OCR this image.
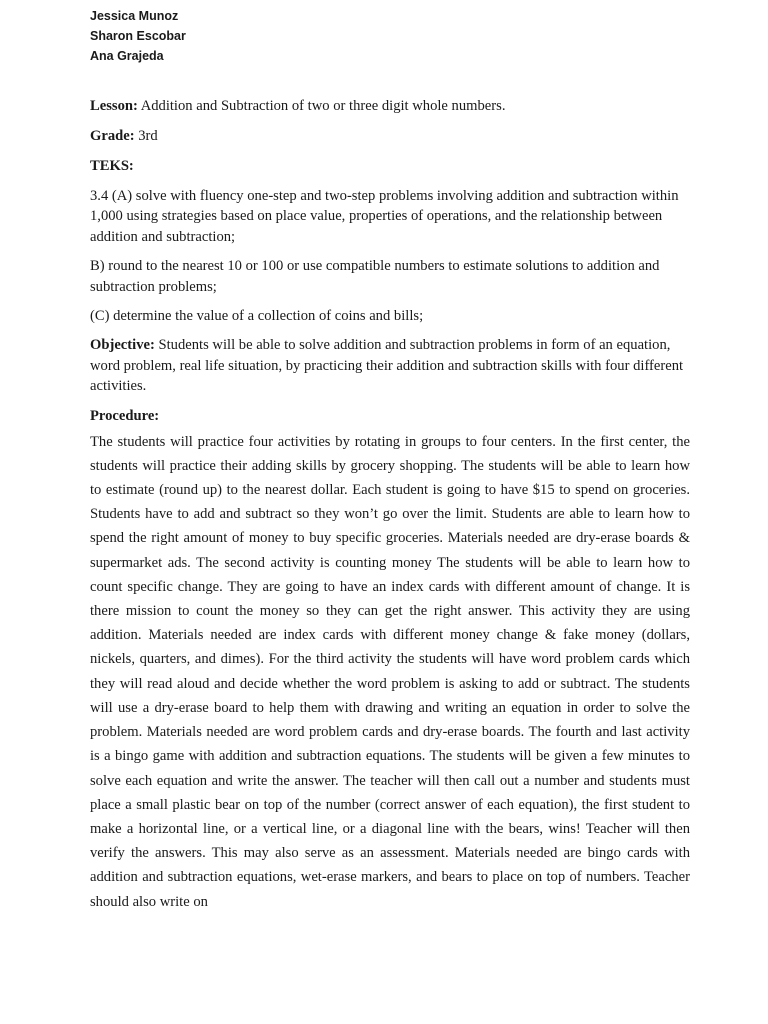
Jessica Munoz
Sharon Escobar
Ana Grajeda

Lesson: Addition and Subtraction of two or three digit whole numbers.

Grade: 3rd

TEKS:

3.4 (A) solve with fluency one-step and two-step problems involving addition and subtraction within 1,000 using strategies based on place value, properties of operations, and the relationship between addition and subtraction;

B) round to the nearest 10 or 100 or use compatible numbers to estimate solutions to addition and subtraction problems;

(C) determine the value of a collection of coins and bills;

Objective: Students will be able to solve addition and subtraction problems in form of an equation, word problem, real life situation, by practicing their addition and subtraction skills with four different activities.

Procedure:

The students will practice four activities by rotating in groups to four centers. In the first center, the students will practice their adding skills by grocery shopping. The students will be able to learn how to estimate (round up) to the nearest dollar. Each student is going to have $15 to spend on groceries. Students have to add and subtract so they won’t go over the limit. Students are able to learn how to spend the right amount of money to buy specific groceries. Materials needed are dry-erase boards & supermarket ads. The second activity is counting money The students will be able to learn how to count specific change. They are going to have an index cards with different amount of change. It is there mission to count the money so they can get the right answer. This activity they are using addition. Materials needed are index cards with different money change & fake money (dollars, nickels, quarters, and dimes). For the third activity the students will have word problem cards which they will read aloud and decide whether the word problem is asking to add or subtract. The students will use a dry-erase board to help them with drawing and writing an equation in order to solve the problem. Materials needed are word problem cards and dry-erase boards. The fourth and last activity is a bingo game with addition and subtraction equations. The students will be given a few minutes to solve each equation and write the answer. The teacher will then call out a number and students must place a small plastic bear on top of the number (correct answer of each equation), the first student to make a horizontal line, or a vertical line, or a diagonal line with the bears, wins! Teacher will then verify the answers. This may also serve as an assessment. Materials needed are bingo cards with addition and subtraction equations, wet-erase markers, and bears to place on top of numbers. Teacher should also write on
